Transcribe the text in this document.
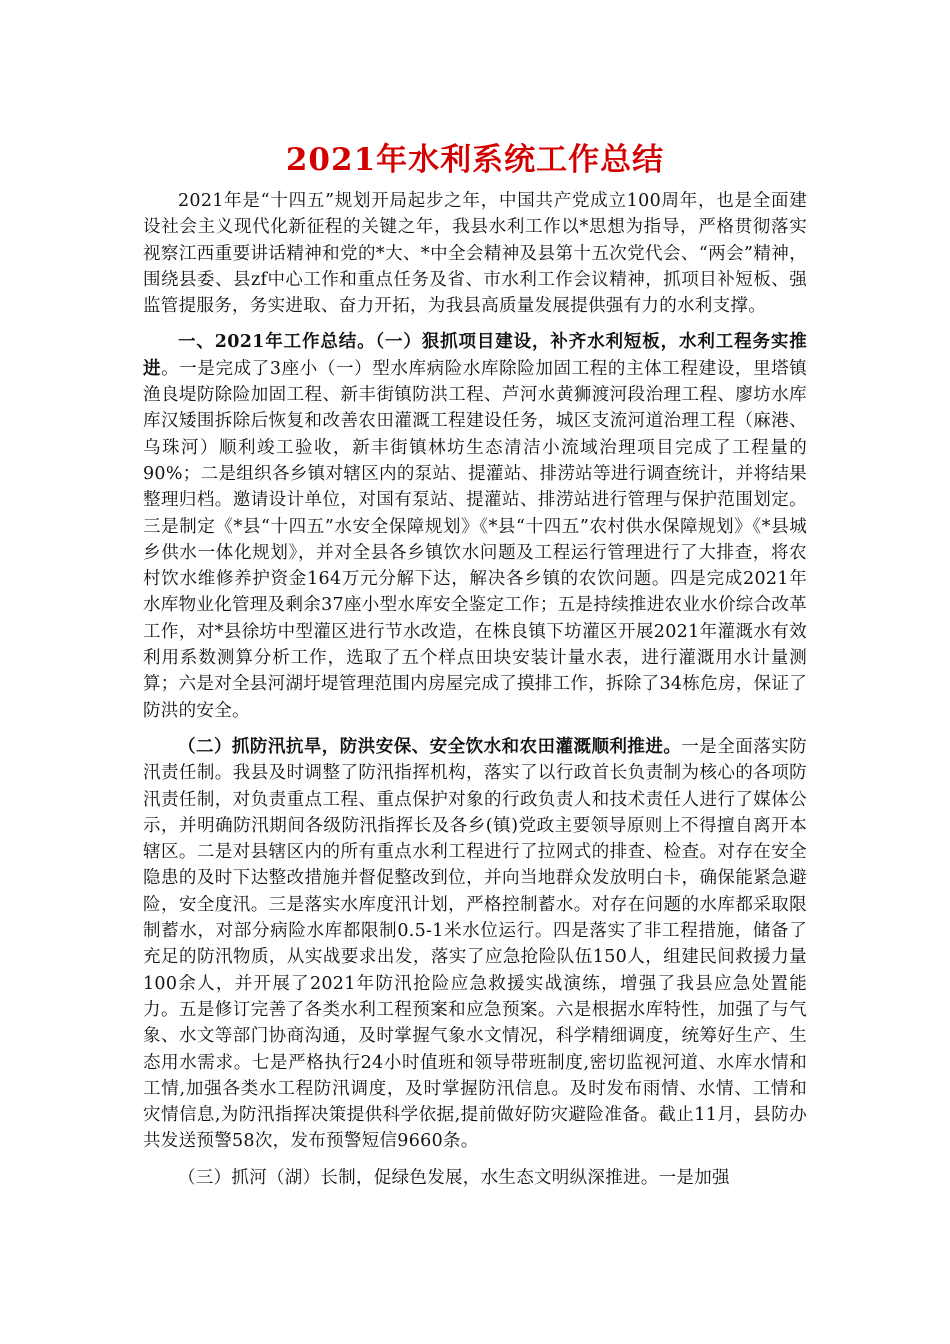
2021年水利系统工作总结

2021年是“十四五”规划开局起步之年，中国共产党成立100周年，也是全面建设社会主义现代化新征程的关键之年，我县水利工作以*思想为指导，严格贯彻落实视察江西重要讲话精神和党的*大、*中全会精神及县第十五次党代会、“两会”精神，围绕县委、县zf中心工作和重点任务及省、市水利工作会议精神，抓项目补短板、强监管提服务，务实进取、奋力开拓，为我县高质量发展提供强有力的水利支撑。

一、2021年工作总结。（一）狠抓项目建设，补齐水利短板，水利工程务实推进。一是完成了3座小（一）型水库病险水库除险加固工程的主体工程建设，里塔镇渔良堤防除险加固工程、新丰街镇防洪工程、芦河水黄狮渡河段治理工程、廖坊水库库汉矮围拆除后恢复和改善农田灌溉工程建设任务，城区支流河道治理工程（麻港、乌珠河）顺利竣工验收，新丰街镇林坊生态清洁小流域治理项目完成了工程量的90%；二是组织各乡镇对辖区内的泵站、提灌站、排涝站等进行调查统计，并将结果整理归档。邀请设计单位，对国有泵站、提灌站、排涝站进行管理与保护范围划定。三是制定《*县“十四五”水安全保障规划》《*县“十四五”农村供水保障规划》《*县城乡供水一体化规划》，并对全县各乡镇饮水问题及工程运行管理进行了大排查，将农村饮水维修养护资金164万元分解下达，解决各乡镇的农饮问题。四是完成2021年水库物业化管理及剩余37座小型水库安全鉴定工作；五是持续推进农业水价综合改革工作，对*县徐坊中型灌区进行节水改造，在株良镇下坊灌区开展2021年灌溉水有效利用系数测算分析工作，选取了五个样点田块安装计量水表，进行灌溉用水计量测算；六是对全县河湖圩堤管理范围内房屋完成了摸排工作，拆除了34栋危房，保证了防洪的安全。

（二）抓防汛抗旱，防洪安保、安全饮水和农田灌溉顺利推进。一是全面落实防汛责任制。我县及时调整了防汛指挥机构，落实了以行政首长负责制为核心的各项防汛责任制，对负责重点工程、重点保护对象的行政负责人和技术责任人进行了媒体公示，并明确防汛期间各级防汛指挥长及各乡(镇)党政主要领导原则上不得擅自离开本辖区。二是对县辖区内的所有重点水利工程进行了拉网式的排查、检查。对存在安全隐患的及时下达整改措施并督促整改到位，并向当地群众发放明白卡，确保能紧急避险，安全度汛。三是落实水库度汛计划，严格控制蓄水。对存在问题的水库都采取限制蓄水，对部分病险水库都限制0.5-1米水位运行。四是落实了非工程措施，储备了充足的防汛物质，从实战要求出发，落实了应急抢险队伍150人，组建民间救援力量100余人，并开展了2021年防汛抢险应急救援实战演练，增强了我县应急处置能力。五是修订完善了各类水利工程预案和应急预案。六是根据水库特性，加强了与气象、水文等部门协商沟通，及时掌握气象水文情况，科学精细调度，统筹好生产、生态用水需求。七是严格执行24小时值班和领导带班制度,密切监视河道、水库水情和工情,加强各类水工程防汛调度，及时掌握防汛信息。及时发布雨情、水情、工情和灾情信息,为防汛指挥决策提供科学依据,提前做好防灾避险准备。截止11月，县防办共发送预警58次，发布预警短信9660条。

（三）抓河（湖）长制，促绿色发展，水生态文明纵深推进。一是加强
